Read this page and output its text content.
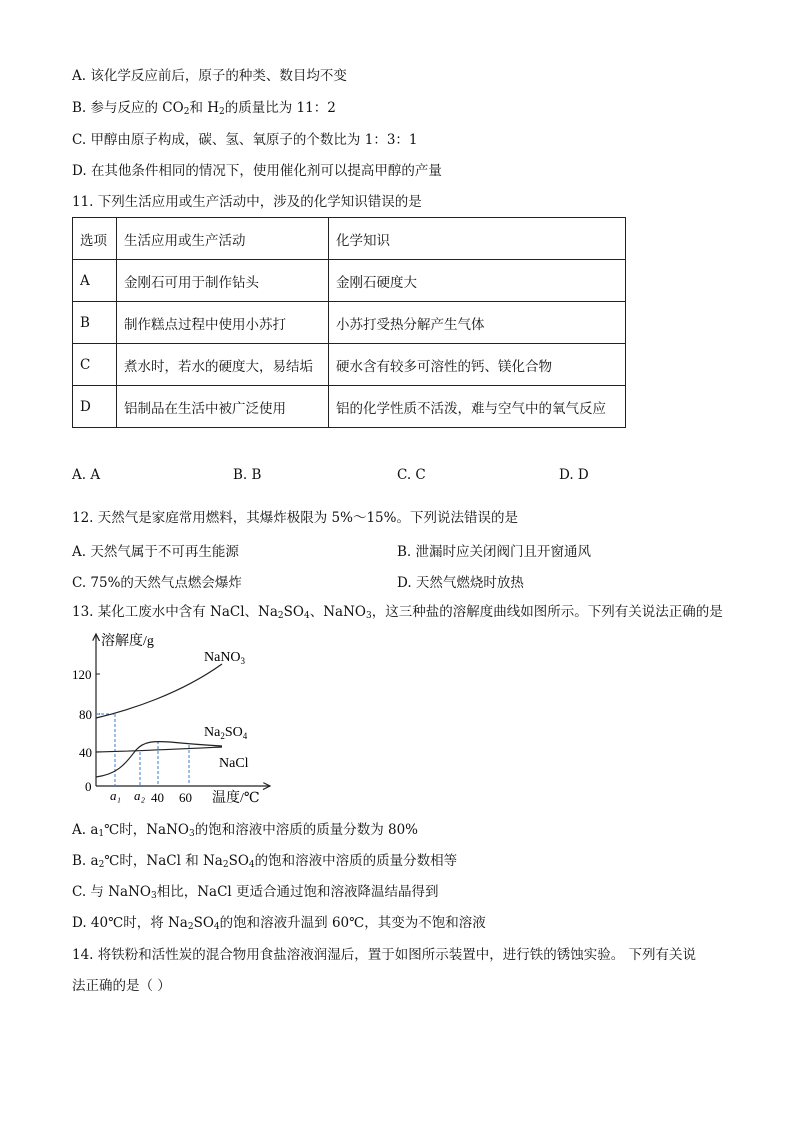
A. 该化学反应前后，原子的种类、数目均不变
B. 参与反应的 $CO_2$和 $H_2$的质量比为 11：2
C. 甲醇由原子构成，碳、氢、氧原子的个数比为 1：3：1
D. 在其他条件相同的情况下，使用催化剂可以提高甲醇的产量
11. 下列生活应用或生产活动中，涉及的化学知识错误的是
选项	生活应用或生产活动	化学知识
A	金刚石可用于制作钻头	金刚石硬度大
B	制作糕点过程中使用小苏打	小苏打受热分解产生气体
C	煮水时，若水的硬度大，易结垢	硬水含有较多可溶性的钙、镁化合物
D	铝制品在生活中被广泛使用	铝的化学性质不活泼，难与空气中的氧气反应
A. A	B. B	C. C	D. D
12. 天然气是家庭常用燃料，其爆炸极限为 5%～15%。下列说法错误的是
A. 天然气属于不可再生能源	B. 泄漏时应关闭阀门且开窗通风
C. 75%的天然气点燃会爆炸	D. 天然气燃烧时放热
13. 某化工废水中含有 NaCl、$Na_2SO_4$、NaNO$_3$，这三种盐的溶解度曲线如图所示。下列有关说法正确的是
溶解度/g
120
80
40
0
NaNO$_3$
$Na_2SO_4$
NaCl
a₁ a₂ 40 60 温度/℃
A. $a_1℃$时，NaNO$_3$的饱和溶液中溶质的质量分数为 80%
B. $a_2℃$时，NaCl 和 $Na_2SO_4$的饱和溶液中溶质的质量分数相等
C. 与 NaNO$_3$相比，NaCl 更适合通过饱和溶液降温结晶得到
D. 40℃时，将 $Na_2SO_4$的饱和溶液升温到 60℃，其变为不饱和溶液
14. 将铁粉和活性炭的混合物用食盐溶液润湿后，置于如图所示装置中，进行铁的锈蚀实验。 下列有关说
法正确的是（ ）
